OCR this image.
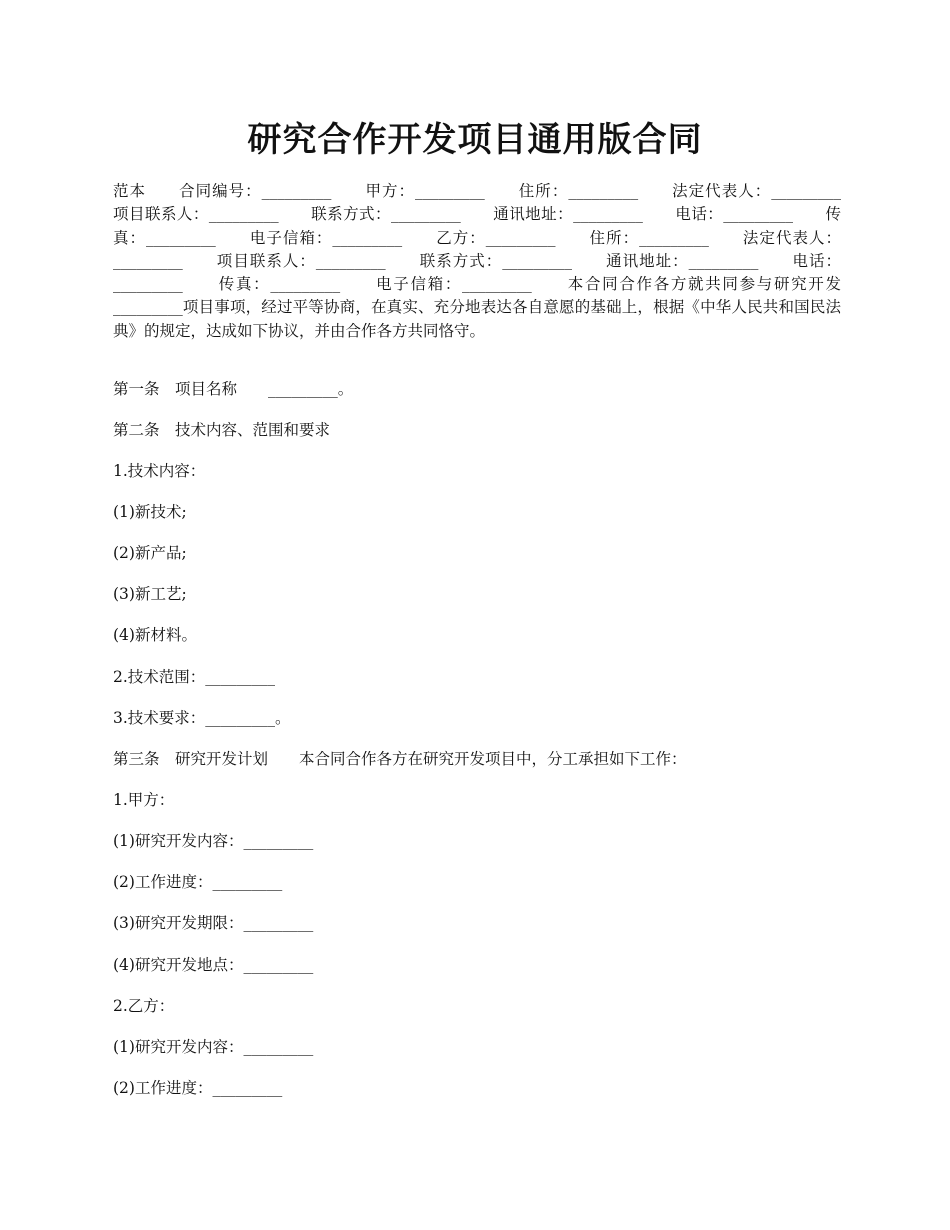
研究合作开发项目通用版合同

范本　　合同编号：_________　　甲方：_________　　住所：_________　　法定代表人：_________　　项目联系人：_________　　联系方式：_________　　通讯地址：_________　　电话：_________　　传真：_________　　电子信箱：_________　　乙方：_________　　住所：_________　　法定代表人：_________　　项目联系人：_________　　联系方式：_________　　通讯地址：_________　　电话：_________　　传真：_________　　电子信箱：_________　　本合同合作各方就共同参与研究开发_________项目事项，经过平等协商，在真实、充分地表达各自意愿的基础上，根据《中华人民共和国民法典》的规定，达成如下协议，并由合作各方共同恪守。

第一条　项目名称　　_________。

第二条　技术内容、范围和要求

1.技术内容：

(1)新技术;

(2)新产品;

(3)新工艺;

(4)新材料。

2.技术范围：_________

3.技术要求：_________。

第三条　研究开发计划　　本合同合作各方在研究开发项目中，分工承担如下工作：

1.甲方：

(1)研究开发内容：_________

(2)工作进度：_________

(3)研究开发期限：_________

(4)研究开发地点：_________

2.乙方：

(1)研究开发内容：_________

(2)工作进度：_________
